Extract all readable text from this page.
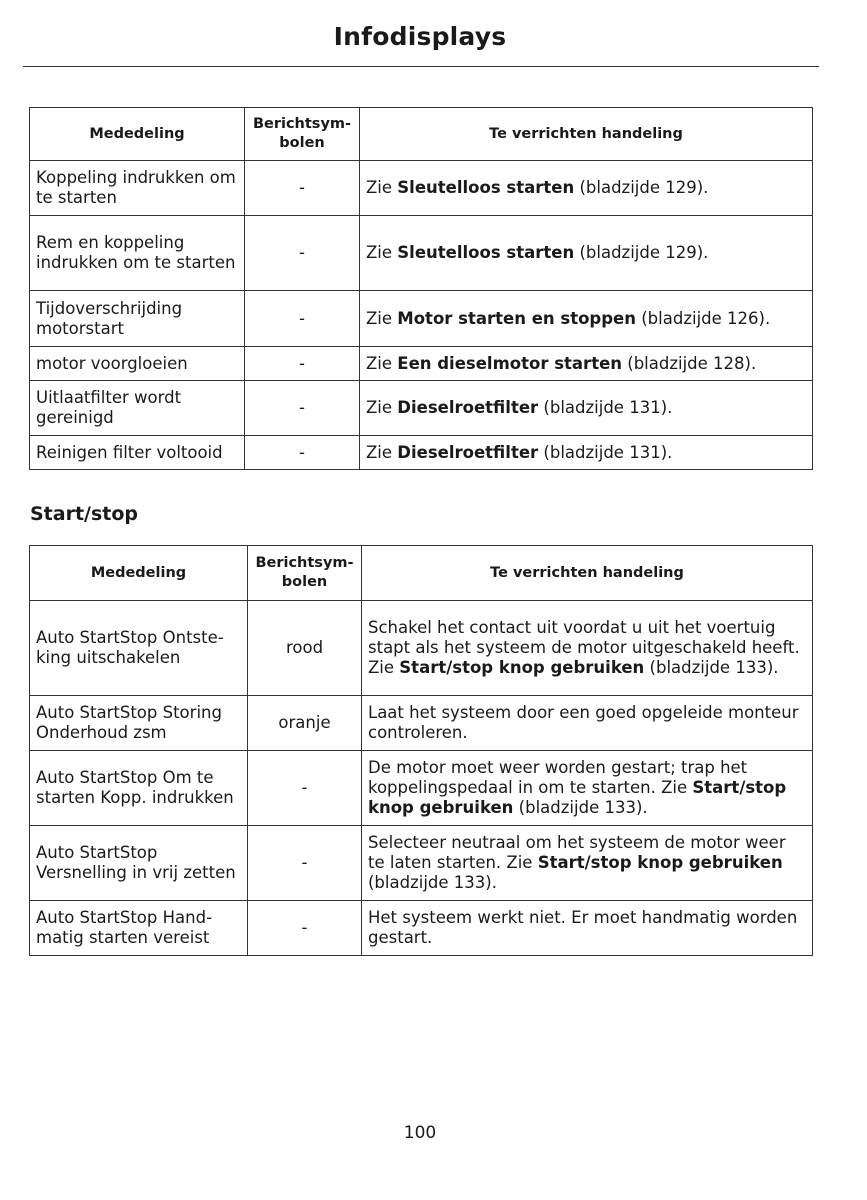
Infodisplays
Mededeling	Berichtsym-bolen	Te verrichten handeling
Koppeling indrukken om te starten	-	Zie Sleutelloos starten (bladzijde 129).
Rem en koppeling indrukken om te starten	-	Zie Sleutelloos starten (bladzijde 129).
Tijdoverschrijding motorstart	-	Zie Motor starten en stoppen (bladzijde 126).
motor voorgloeien	-	Zie Een dieselmotor starten (bladzijde 128).
Uitlaatfilter wordt gereinigd	-	Zie Dieselroetfilter (bladzijde 131).
Reinigen filter voltooid	-	Zie Dieselroetfilter (bladzijde 131).
Start/stop
Mededeling	Berichtsym-bolen	Te verrichten handeling
Auto StartStop Ontste-king uitschakelen	rood	Schakel het contact uit voordat u uit het voertuig stapt als het systeem de motor uitgeschakeld heeft. Zie Start/stop knop gebruiken (bladzijde 133).
Auto StartStop Storing Onderhoud zsm	oranje	Laat het systeem door een goed opgeleide monteur controleren.
Auto StartStop Om te starten Kopp. indrukken	-	De motor moet weer worden gestart; trap het koppelingspedaal in om te starten. Zie Start/stop knop gebruiken (bladzijde 133).
Auto StartStop Versnelling in vrij zetten	-	Selecteer neutraal om het systeem de motor weer te laten starten. Zie Start/stop knop gebruiken (bladzijde 133).
Auto StartStop Hand-matig starten vereist	-	Het systeem werkt niet. Er moet handmatig worden gestart.
100
